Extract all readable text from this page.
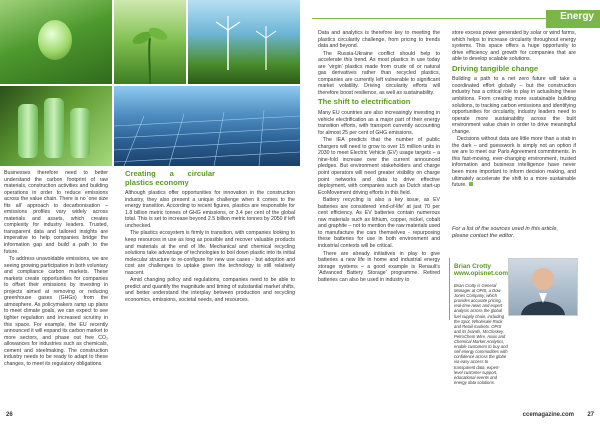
Energy

Businesses therefore need to better understand the carbon footprint of raw materials, construction activities and building operations in order to reduce emissions across the value chain. There is no ‘one size fits all’ approach to decarbonisation – emissions profiles vary widely across materials and assets, which creates complexity for industry leaders. Trusted, transparent data and tailored insights are imperative to help companies bridge the information gap and build a path to the future.

To address unavoidable emissions, we are seeing growing participation in both voluntary and compliance carbon markets. These markets create opportunities for companies to offset their emissions by investing in projects aimed at removing or reducing greenhouse gases (GHGs) from the atmosphere. As policymakers ramp up plans to meet climate goals, we can expect to see tighter regulation and increased scrutiny in this space. For example, the EU recently announced it will expand its carbon market to more sectors, and phase out free CO₂ allowances for industries such as chemicals, cement and steelmaking. The construction industry needs to be ready to adapt to these changes, to meet its regulatory obligations.

Creating a circular plastics economy

Although plastics offer opportunities for innovation in the construction industry, they also present a unique challenge when it comes to the energy transition. According to recent figures, plastics are responsible for 1.8 billion metric tonnes of GHG emissions, or 3.4 per cent of the global total. This is set to increase beyond 2.5 billion metric tonnes by 2050 if left unchecked.

The plastics ecosystem is firmly in transition, with companies looking to keep resources in use as long as possible and recover valuable products and materials at the end of life. Mechanical and chemical recycling solutions take advantage of technologies to boil down plastic into its initial molecular structure to re-configure for new use cases - but adoption and cost are challenges to uptake given the technology is still relatively nascent.

Amid changing policy and regulations, companies need to be able to predict and quantify the magnitude and timing of substantial market shifts, and better understand the interplay between production and recycling economics, emissions, societal needs, and resources.

Data and analytics is therefore key to meeting the plastics circularity challenge, from pricing to trends data and beyond.

The Russia-Ukraine conflict should help to accelerate this trend. As most plastics in use today are ‘virgin’ plastics made from crude oil or natural gas derivatives rather than recycled plastics, companies are currently left vulnerable to significant market volatility. Driving circularity efforts will therefore boost resilience, as well as sustainability.

The shift to electrification

Many EU countries are also increasingly investing in vehicle electrification as a major part of their energy transition efforts, with transport currently accounting for almost 25 per cent of GHG emissions.

The IEA predicts that the number of public chargers will need to grow to over 15 million units in 2030 to meet Electric Vehicle (EV) usage targets – a nine-fold increase over the current announced pledges. But environment stakeholders and charge point operators will need greater visibility on charge point networks and data to drive effective deployment, with companies such as Dutch start-up EcoMovement driving efforts in this field.

Battery recycling is also a key issue, as EV batteries are considered ‘end-of-life’ at just 70 per cent efficiency. As EV batteries contain numerous raw materials such as lithium, copper, nickel, cobalt and graphite – not to mention the raw materials used to manufacture the cars themselves - repurposing these batteries for use in both environment and industrial contexts will be critical.

There are already initiatives in play to give batteries a new life in home and industrial energy storage systems – a good example is Renault’s ‘Advanced Battery Storage’ programme. Retired batteries can also be used in industry to

store excess power generated by solar or wind farms, which helps to increase circularity throughout energy systems. This space offers a huge opportunity to drive efficiency and growth for companies that are able to develop scalable solutions.

Driving tangible change

Building a path to a net zero future will take a coordinated effort globally – but the construction industry has a critical role to play in actualising these ambitions. From creating more sustainable building solutions, to tracking carbon emissions and identifying opportunities for circularity, industry leaders need to operate more sustainability across the built environment value chain in order to drive meaningful change.

Decisions without data are little more than a stab in the dark – and guesswork is simply not an option if we are to meet our Paris Agreement commitments. In this fast-moving, ever-changing environment, trusted information and business intelligence have never been more important to inform decision making, and ultimately accelerate the shift to a more sustainable future.

For a list of the sources used in this article, please contact the editor.
Brian Crotty
www.opisnet.com
Brian Crotty is General Manager at OPIS, a Dow Jones Company, which provides accurate pricing, real-time news and expert analysis across the global fuel supply chain, including the Spot, Wholesale Rack and Retail markets. OPIS and its brands, McCloskey, PetroChem Wire, Axxis and Chemical Market Analytics, enable customers to buy and sell energy commodities with confidence across the globe via easy access to transparent data, expert-level customer support, educational events and energy data solutions.
26	ccemagazine.com 27
